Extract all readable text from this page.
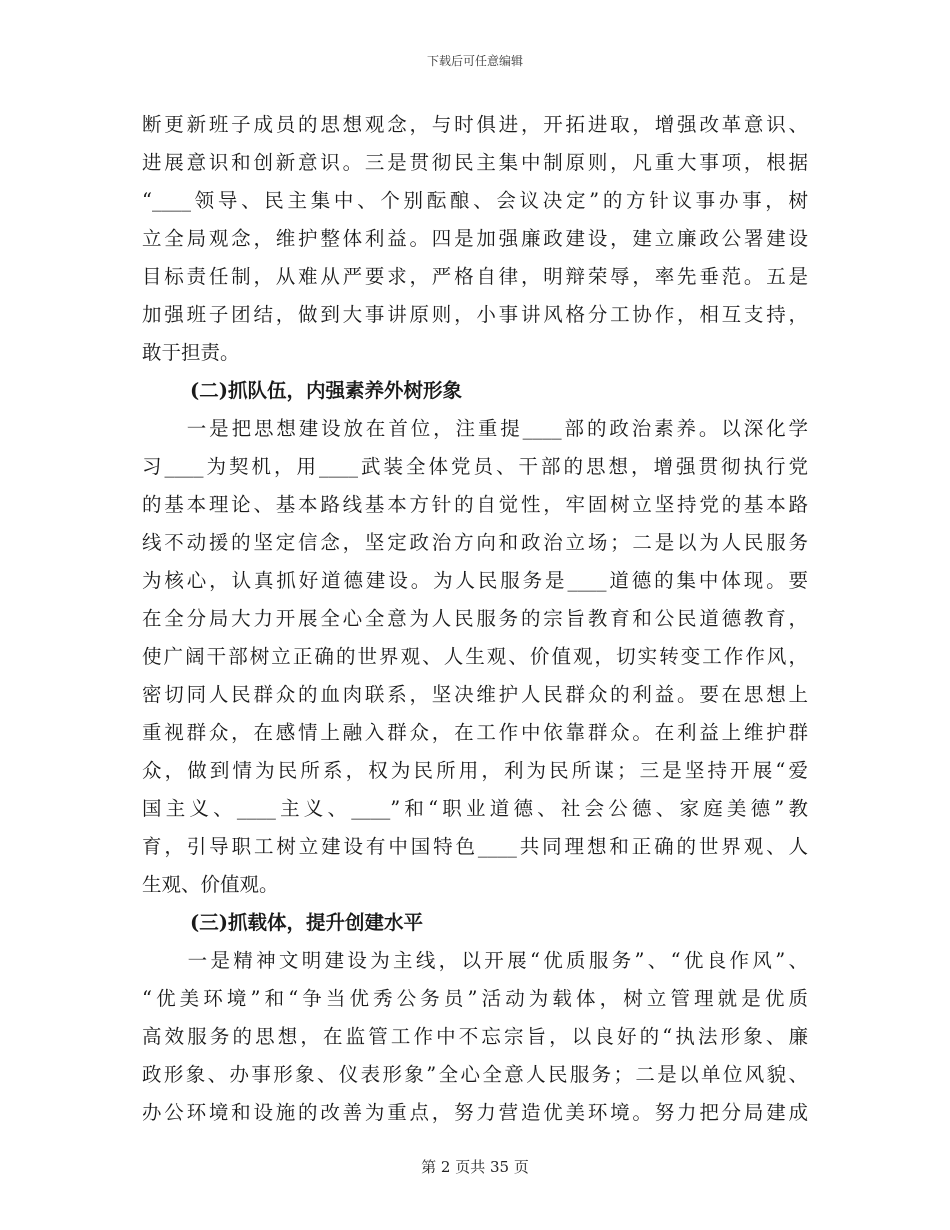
下载后可任意编辑
断更新班子成员的思想观念，与时俱进，开拓进取，增强改革意识、
进展意识和创新意识。三是贯彻民主集中制原则，凡重大事项，根据
“____领导、民主集中、个别酝酿、会议决定”的方针议事办事，树
立全局观念，维护整体利益。四是加强廉政建设，建立廉政公署建设
目标责任制，从难从严要求，严格自律，明辩荣辱，率先垂范。五是
加强班子团结，做到大事讲原则，小事讲风格分工协作，相互支持，
敢于担责。
(二)抓队伍，内强素养外树形象
　　一是把思想建设放在首位，注重提____部的政治素养。以深化学
习____为契机，用____武装全体党员、干部的思想，增强贯彻执行党
的基本理论、基本路线基本方针的自觉性，牢固树立坚持党的基本路
线不动援的坚定信念，坚定政治方向和政治立场；二是以为人民服务
为核心，认真抓好道德建设。为人民服务是____道德的集中体现。要
在全分局大力开展全心全意为人民服务的宗旨教育和公民道德教育，
使广阔干部树立正确的世界观、人生观、价值观，切实转变工作作风，
密切同人民群众的血肉联系，坚决维护人民群众的利益。要在思想上
重视群众，在感情上融入群众，在工作中依靠群众。在利益上维护群
众，做到情为民所系，权为民所用，利为民所谋；三是坚持开展“爱
国主义、____主义、____”和“职业道德、社会公德、家庭美德”教
育，引导职工树立建设有中国特色____共同理想和正确的世界观、人
生观、价值观。
(三)抓载体，提升创建水平
　　一是精神文明建设为主线，以开展“优质服务”、“优良作风”、
“优美环境”和“争当优秀公务员”活动为载体，树立管理就是优质
高效服务的思想，在监管工作中不忘宗旨，以良好的“执法形象、廉
政形象、办事形象、仪表形象”全心全意人民服务；二是以单位风貌、
办公环境和设施的改善为重点，努力营造优美环境。努力把分局建成
第 2 页共 35 页
